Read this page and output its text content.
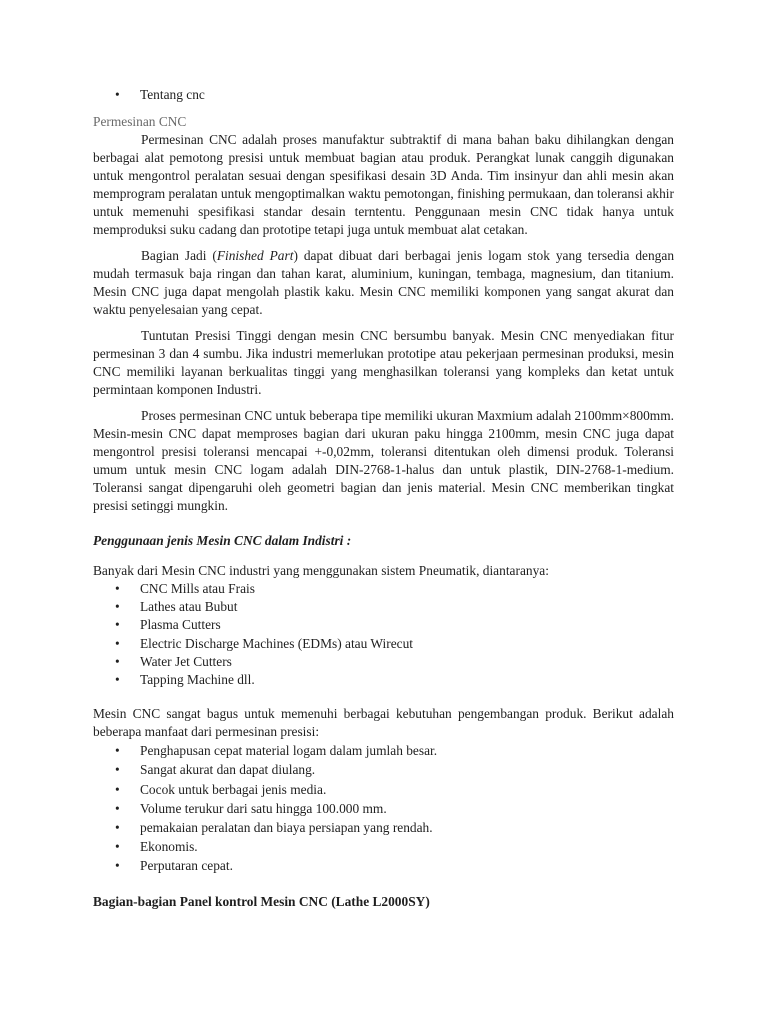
• Tentang cnc
Permesinan CNC

Permesinan CNC adalah proses manufaktur subtraktif di mana bahan baku dihilangkan dengan berbagai alat pemotong presisi untuk membuat bagian atau produk. Perangkat lunak canggih digunakan untuk mengontrol peralatan sesuai dengan spesifikasi desain 3D Anda. Tim insinyur dan ahli mesin akan memprogram peralatan untuk mengoptimalkan waktu pemotongan, finishing permukaan, dan toleransi akhir untuk memenuhi spesifikasi standar desain terntentu. Penggunaan mesin CNC tidak hanya untuk memproduksi suku cadang dan prototipe tetapi juga untuk membuat alat cetakan.

Bagian Jadi (Finished Part) dapat dibuat dari berbagai jenis logam stok yang tersedia dengan mudah termasuk baja ringan dan tahan karat, aluminium, kuningan, tembaga, magnesium, dan titanium. Mesin CNC juga dapat mengolah plastik kaku. Mesin CNC memiliki komponen yang sangat akurat dan waktu penyelesaian yang cepat.

Tuntutan Presisi Tinggi dengan mesin CNC bersumbu banyak. Mesin CNC menyediakan fitur permesinan 3 dan 4 sumbu. Jika industri memerlukan prototipe atau pekerjaan permesinan produksi, mesin CNC memiliki layanan berkualitas tinggi yang menghasilkan toleransi yang kompleks dan ketat untuk permintaan komponen Industri.

Proses permesinan CNC untuk beberapa tipe memiliki ukuran Maxmium adalah 2100mm×800mm. Mesin-mesin CNC dapat memproses bagian dari ukuran paku hingga 2100mm, mesin CNC juga dapat mengontrol presisi toleransi mencapai +-0,02mm, toleransi ditentukan oleh dimensi produk. Toleransi umum untuk mesin CNC logam adalah DIN-2768-1-halus dan untuk plastik, DIN-2768-1-medium. Toleransi sangat dipengaruhi oleh geometri bagian dan jenis material. Mesin CNC memberikan tingkat presisi setinggi mungkin.

Penggunaan jenis Mesin CNC dalam Indistri :

Banyak dari Mesin CNC industri yang menggunakan sistem Pneumatik, diantaranya:

• CNC Mills atau Frais
• Lathes atau Bubut
• Plasma Cutters
• Electric Discharge Machines (EDMs) atau Wirecut
• Water Jet Cutters
• Tapping Machine dll.

Mesin CNC sangat bagus untuk memenuhi berbagai kebutuhan pengembangan produk. Berikut adalah beberapa manfaat dari permesinan presisi:

• Penghapusan cepat material logam dalam jumlah besar.
• Sangat akurat dan dapat diulang.
• Cocok untuk berbagai jenis media.
• Volume terukur dari satu hingga 100.000 mm.
• pemakaian peralatan dan biaya persiapan yang rendah.
• Ekonomis.
• Perputaran cepat.
Bagian-bagian Panel kontrol Mesin CNC (Lathe L2000SY)
